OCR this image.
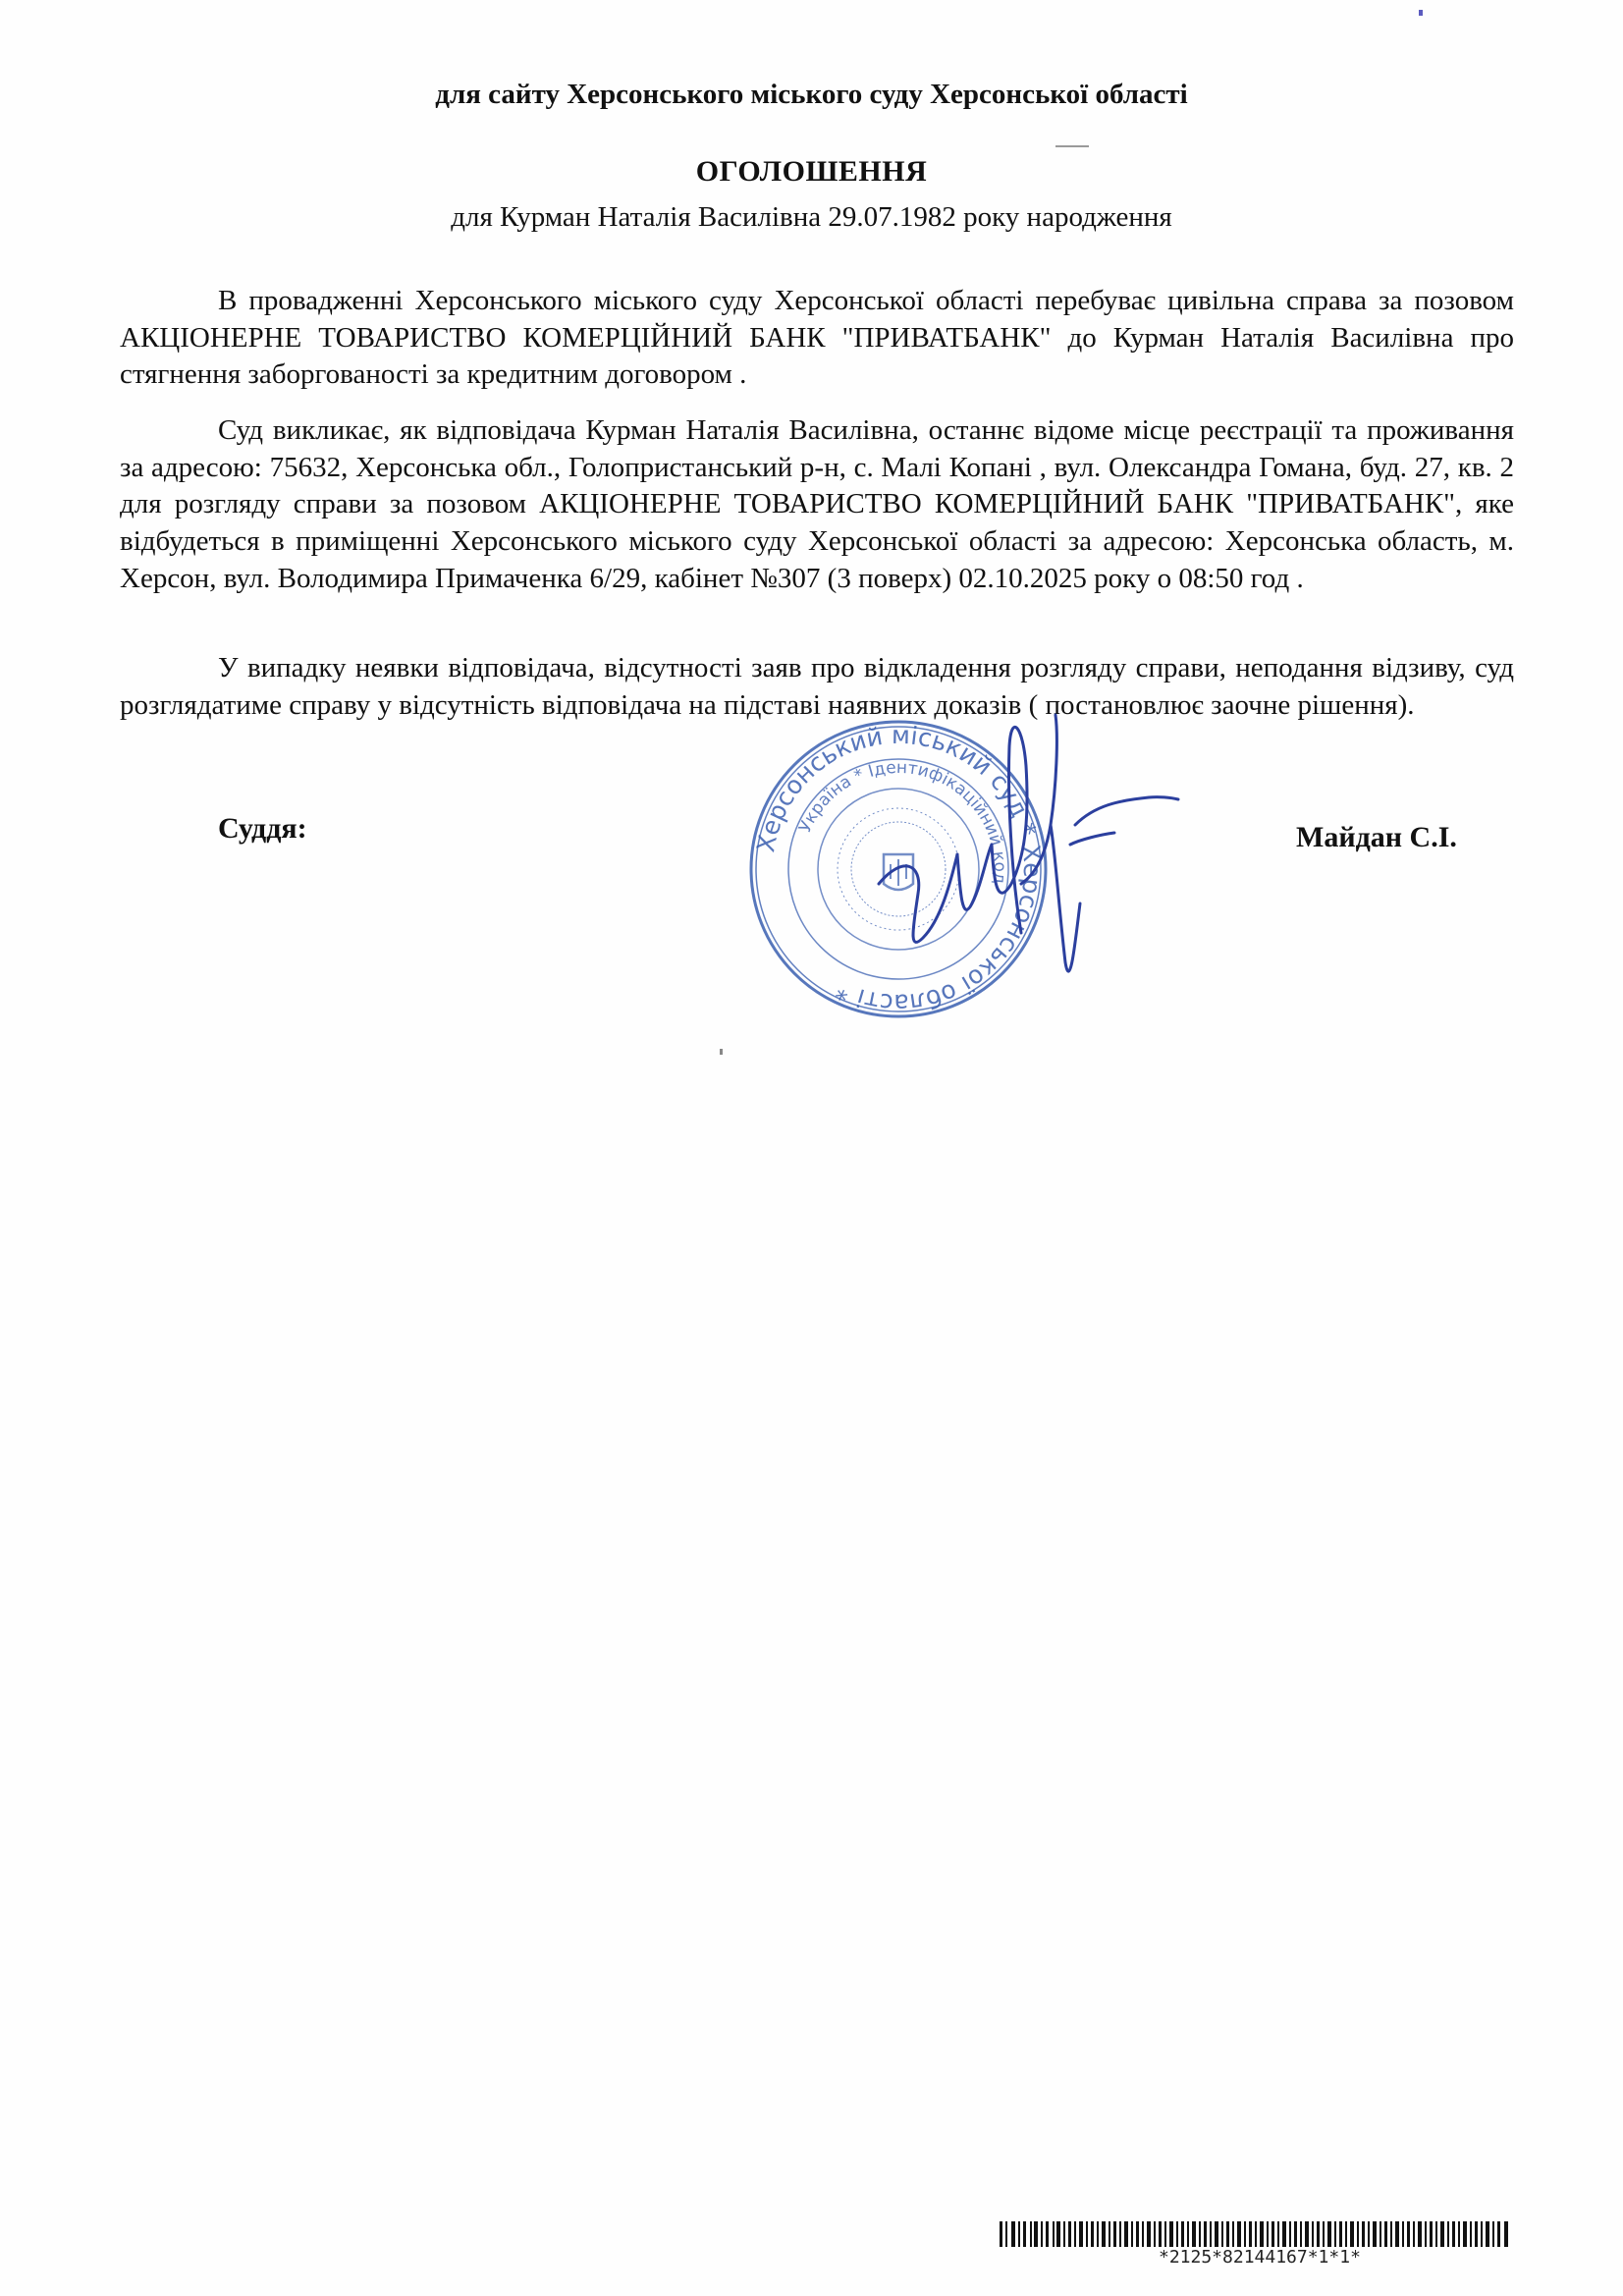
для сайту Херсонського міського суду Херсонської області
ОГОЛОШЕННЯ
для Курман Наталія Василівна 29.07.1982 року народження

В провадженні Херсонського міського суду Херсонської області перебуває цивільна справа за позовом АКЦІОНЕРНЕ ТОВАРИСТВО КОМЕРЦІЙНИЙ БАНК "ПРИВАТБАНК" до Курман Наталія Василівна про стягнення заборгованості за кредитним договором .

Суд викликає, як відповідача Курман Наталія Василівна, останнє відоме місце реєстрації та проживання за адресою: 75632, Херсонська обл., Голопристанський р-н, с. Малі Копані , вул. Олександра Гомана, буд. 27, кв. 2 для розгляду справи за позовом АКЦІОНЕРНЕ ТОВАРИСТВО КОМЕРЦІЙНИЙ БАНК "ПРИВАТБАНК", яке відбудеться в приміщенні Херсонського міського суду Херсонської області за адресою: Херсонська область, м. Херсон, вул. Володимира Примаченка 6/29, кабінет №307 (3 поверх) 02.10.2025 року о 08:50 год .

У випадку неявки відповідача, відсутності заяв про відкладення розгляду справи, неподання відзиву, суд розглядатиме справу у відсутність відповідача на підставі наявних доказів ( постановлює заочне рішення).

Суддя:	Майдан С.І.
Херсонський міський суд * Херсонської області *
Україна * Ідентифікаційний код
*2125*82144167*1*1*
